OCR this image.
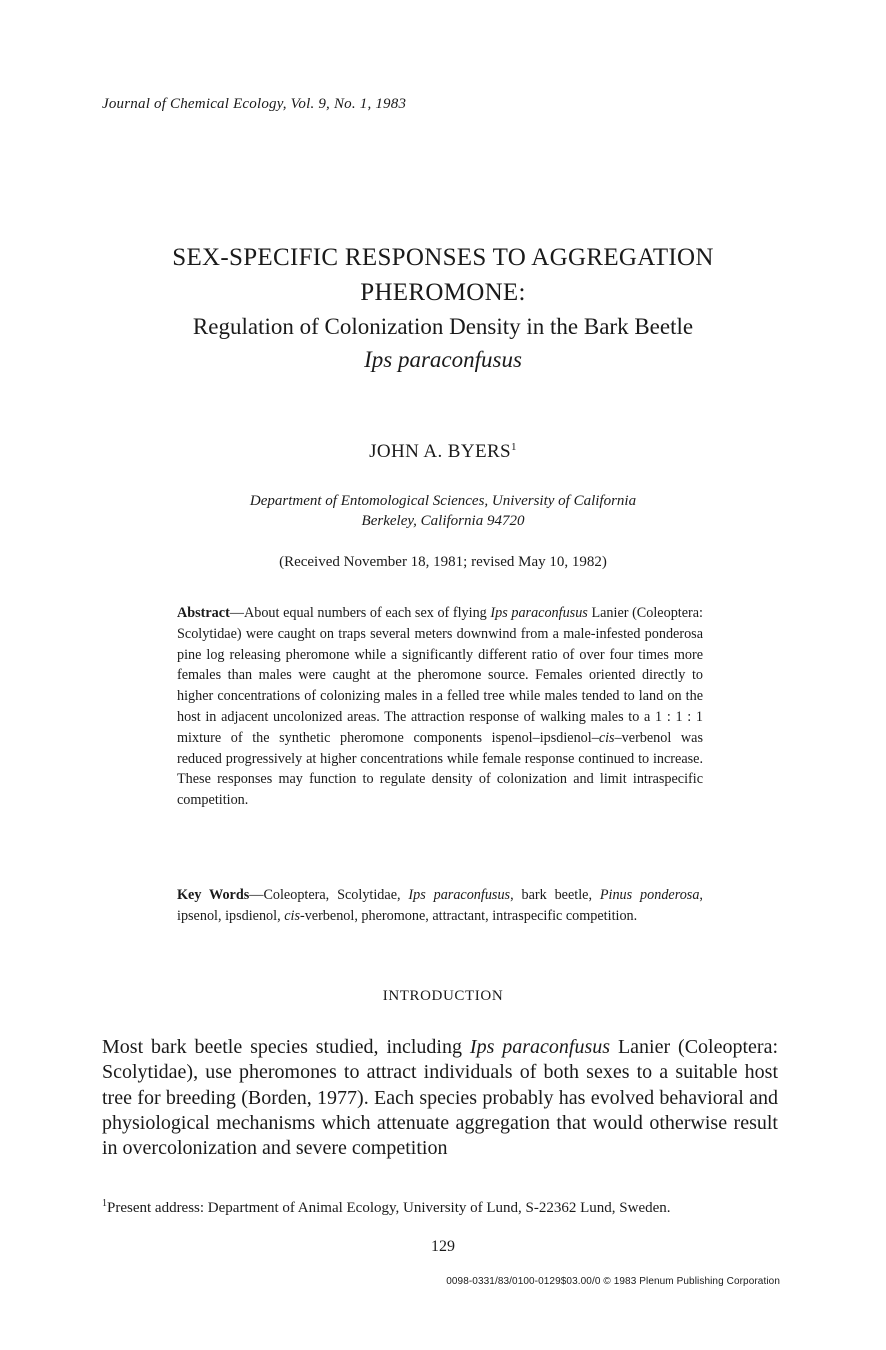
Journal of Chemical Ecology, Vol. 9, No. 1, 1983
SEX-SPECIFIC RESPONSES TO AGGREGATION
PHEROMONE:
Regulation of Colonization Density in the Bark Beetle
Ips paraconfusus
JOHN A. BYERS$^1$
Department of Entomological Sciences, University of California
Berkeley, California 94720
(Received November 18, 1981; revised May 10, 1982)

Abstract—About equal numbers of each sex of flying Ips paraconfusus Lanier (Coleoptera: Scolytidae) were caught on traps several meters downwind from a male-infested ponderosa pine log releasing pheromone while a significantly different ratio of over four times more females than males were caught at the pheromone source. Females oriented directly to higher concentrations of colonizing males in a felled tree while males tended to land on the host in adjacent uncolonized areas. The attraction response of walking males to a 1 : 1 : 1 mixture of the synthetic pheromone components ispenol–ipsdienol–cis–verbenol was reduced progressively at higher concentrations while female response continued to increase. These responses may function to regulate density of colonization and limit intraspecific competition.

Key Words—Coleoptera, Scolytidae, Ips paraconfusus, bark beetle, Pinus ponderosa, ipsenol, ipsdienol, cis-verbenol, pheromone, attractant, intraspecific competition.

INTRODUCTION

Most bark beetle species studied, including Ips paraconfusus Lanier (Coleoptera: Scolytidae), use pheromones to attract individuals of both sexes to a suitable host tree for breeding (Borden, 1977). Each species probably has evolved behavioral and physiological mechanisms which attenuate aggregation that would otherwise result in overcolonization and severe competition

$^1$Present address: Department of Animal Ecology, University of Lund, S-22362 Lund, Sweden.
129
0098-0331/83/0100-0129$03.00/0 © 1983 Plenum Publishing Corporation
